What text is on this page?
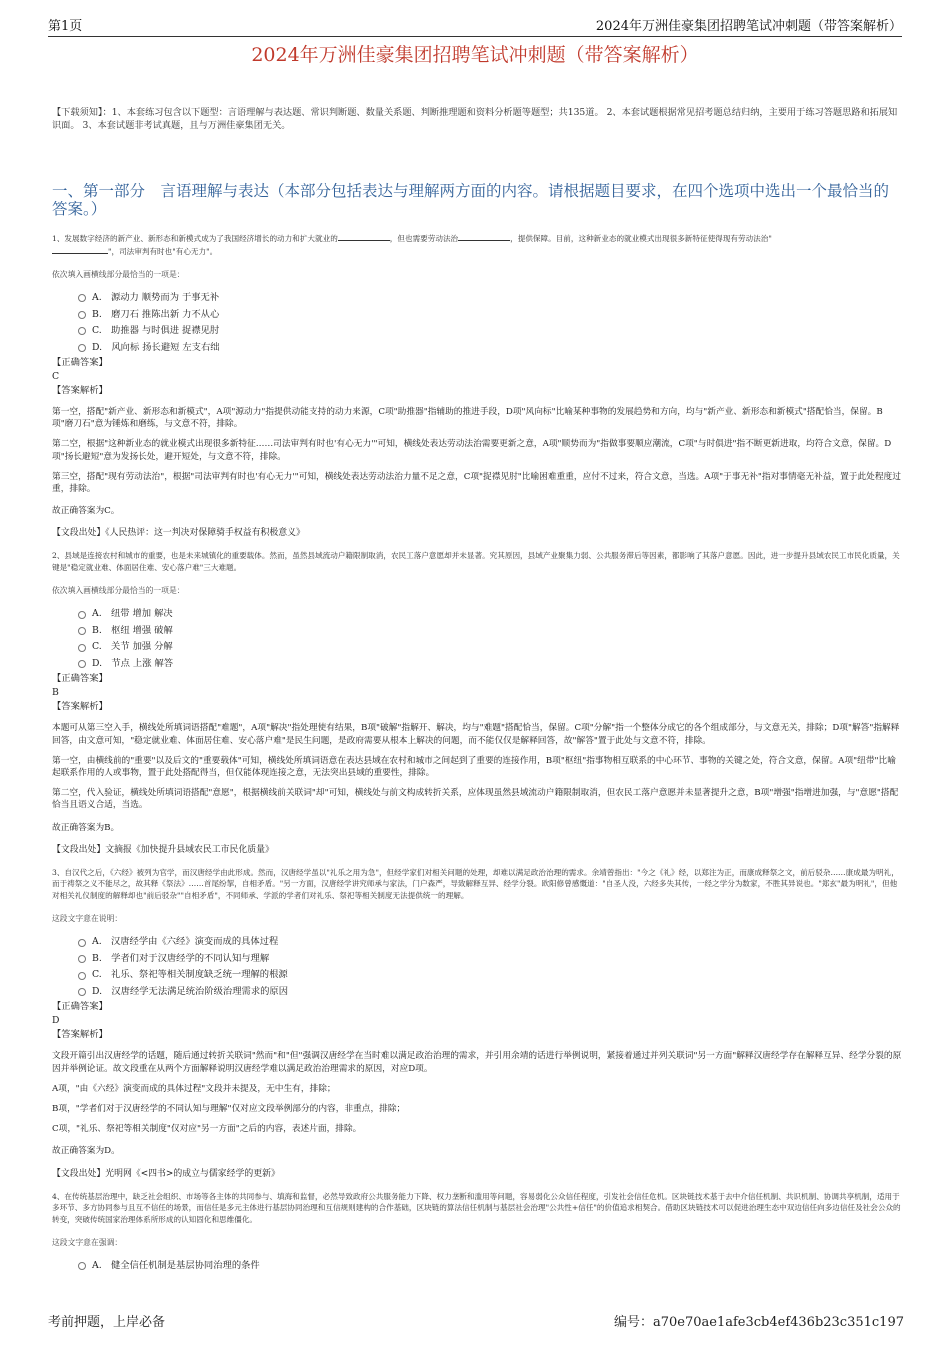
第1页	2024年万洲佳豪集团招聘笔试冲刺题（带答案解析）
2024年万洲佳豪集团招聘笔试冲刺题（带答案解析）
【下载须知】：1、本套练习包含以下题型：言语理解与表达题、常识判断题、数量关系题、判断推理题和资料分析题等题型；共135道。 2、本套试题根据常见招考题总结归纳，主要用于练习答题思路和拓展知识面。 3、本套试题非考试真题，且与万洲佳豪集团无关。
一、第一部分　言语理解与表达（本部分包括表达与理解两方面的内容。请根据题目要求，在四个选项中选出一个最恰当的答案。）
1、发展数字经济的新产业、新形态和新模式成为了我国经济增长的动力和扩大就业的	，但也需要劳动法治	，提供保障。目前，这种新业态的就业模式出现很多新特征使得现有劳动法治"
"，司法审判有时也"有心无力"。
依次填入画横线部分最恰当的一项是：
A.　源动力 顺势而为 于事无补
B.　磨刀石 推陈出新 力不从心
C.　助推器 与时俱进 捉襟见肘
D.　风向标 扬长避短 左支右绌
【正确答案】
C
【答案解析】
第一空，搭配"新产业、新形态和新模式"，A项"源动力"指提供动能支持的动力来源，C项"助推器"指辅助的推进手段，D项"风向标"比喻某种事物的发展趋势和方向，均与"新产业、新形态和新模式"搭配恰当，保留。B项"磨刀石"意为锤炼和磨练，与文意不符，排除。
第二空，根据"这种新业态的就业模式出现很多新特征……司法审判有时也'有心无力'"可知，横线处表达劳动法治需要更新之意，A项"顺势而为"指做事要顺应潮流，C项"与时俱进"指不断更新进取，均符合文意，保留。D项"扬长避短"意为发扬长处，避开短处，与文意不符，排除。
第三空，搭配"现有劳动法治"，根据"司法审判有时也'有心无力'"可知，横线处表达劳动法治力量不足之意，C项"捉襟见肘"比喻困难重重，应付不过来，符合文意，当选。A项"于事无补"指对事情毫无补益，置于此处程度过重，排除。
故正确答案为C。
【文段出处】《人民热评：这一判决对保障骑手权益有积极意义》
2、县域是连接农村和城市的重要，也是未来城镇化的重要载体。然而，虽然县域流动户籍限制取消，农民工落户意愿却并未显著。究其原因，县域产业聚集力弱、公共服务滞后等因素，都影响了其落户意愿。因此，进一步提升县域农民工市民化质量，关键是"稳定就业难、体面居住难、安心落户难"三大难题。
依次填入画横线部分最恰当的一项是：
A.　纽带 增加 解决
B.　枢纽 增强 破解
C.　关节 加强 分解
D.　节点 上涨 解答
【正确答案】
B
【答案解析】
本题可从第三空入手，横线处所填词语搭配"难题"，A项"解决"指处理使有结果，B项"破解"指解开、解决，均与"难题"搭配恰当，保留。C项"分解"指一个整体分成它的各个组成部分，与文意无关，排除；D项"解答"指解释回答，由文意可知，"稳定就业难、体面居住难、安心落户难"是民生问题，是政府需要从根本上解决的问题，而不能仅仅是解释回答，故"解答"置于此处与文意不符，排除。
第一空，由横线前的"重要"以及后文的"重要载体"可知，横线处所填词语意在表达县域在农村和城市之间起到了重要的连接作用，B项"枢纽"指事物相互联系的中心环节、事物的关键之处，符合文意，保留。A项"纽带"比喻起联系作用的人或事物，置于此处搭配得当，但仅能体现连接之意，无法突出县域的重要性，排除。
第二空，代入验证，横线处所填词语搭配"意愿"，根据横线前关联词"却"可知，横线处与前文构成转折关系，应体现虽然县域流动户籍限制取消，但农民工落户意愿并未显著提升之意，B项"增强"指增进加强，与"意愿"搭配恰当且语义合适，当选。
故正确答案为B。
【文段出处】文摘报《加快提升县域农民工市民化质量》
3、自汉代之后，《六经》被列为官学，而汉唐经学由此形成。然而，汉唐经学虽以"礼乐之用为急"，但经学家们对相关问题的处理，却难以满足政治治理的需求。余靖曾指出："今之《礼》经，以郑注为正，而康成释祭之文，前后驳杂……康成最为明礼，而于祷祭之义不能尽之，故其释《祭法》……首尾纷挐，自相矛盾。"另一方面，汉唐经学讲究师承与家法，门户森严，导致解释互异、经学分裂。欧阳修曾感慨道："自圣人没，六经多失其传，一经之学分为数家，不胜其异说也。"郑玄"最为明礼"，但他对相关礼仪制度的解释却也"前后驳杂""自相矛盾"，不同师承、学派的学者们对礼乐、祭祀等相关制度无法提供统一的理解。
这段文字意在说明：
A.　汉唐经学由《六经》演变而成的具体过程
B.　学者们对于汉唐经学的不同认知与理解
C.　礼乐、祭祀等相关制度缺乏统一理解的根源
D.　汉唐经学无法满足统治阶级治理需求的原因
【正确答案】
D
【答案解析】
文段开篇引出汉唐经学的话题，随后通过转折关联词"然而"和"但"强调汉唐经学在当时难以满足政治治理的需求，并引用余靖的话进行举例说明，紧接着通过并列关联词"另一方面"解释汉唐经学存在解释互异、经学分裂的原因并举例论证。故文段重在从两个方面解释说明汉唐经学难以满足政治治理需求的原因，对应D项。
A项，"由《六经》演变而成的具体过程"文段并未提及，无中生有，排除；
B项，"学者们对于汉唐经学的不同认知与理解"仅对应文段举例部分的内容，非重点，排除；
C项，"礼乐、祭祀等相关制度"仅对应"另一方面"之后的内容，表述片面，排除。
故正确答案为D。
【文段出处】光明网《<四书>的成立与儒家经学的更新》
4、在传统基层治理中，缺乏社会组织、市场等各主体的共同参与、填海和监督，必然导致政府公共服务能力下降、权力垄断和滥用等问题，容易弱化公众信任程度，引发社会信任危机。区块链技术基于去中介信任机制、共识机制、协调共享机制，适用于多环节、多方协同参与且互不信任的场景，而信任是多元主体进行基层协同治理和互信规则建构的合作基础，区块链的算法信任机制与基层社会治理"公共性+信任"的价值追求相契合。借助区块链技术可以促进治理生态中双边信任向多边信任及社会公众的转变，突破传统国家治理体系所形成的认知固化和思维僵化。
这段文字意在强调：
A.　健全信任机制是基层协同治理的条件
考前押题，上岸必备	编号：a70e70ae1afe3cb4ef436b23c351c197
